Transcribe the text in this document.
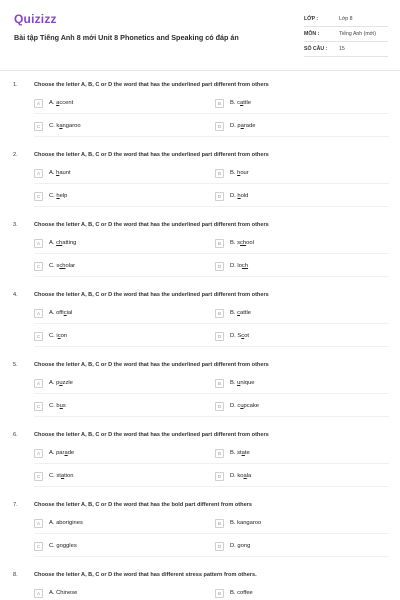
Quizizz
Bài tập Tiếng Anh 8 mới Unit 8 Phonetics and Speaking có đáp án
LỚP :	Lớp 8
MÔN :	Tiếng Anh (mới)
SỐ CÂU : 15
1.	Choose the letter A, B, C or D the word that has the underlined part different from others
A	A. accent	B	B. cattle
C	C. kangaroo	D	D. parade
2.	Choose the letter A, B, C or D the word that has the underlined part different from others
A	A. haunt	B	B. hour
C	C. help	D	D. hold
3.	Choose the letter A, B, C or D the word that has the underlined part different from others
A	A. chatting	B	B. school
C	C. scholar	D	D. loch
4.	Choose the letter A, B, C or D the word that has the underlined part different from others
A	A. official	B	B. cattle
C	C. icon	D	D. Scot
5.	Choose the letter A, B, C or D the word that has the underlined part different from others
A	A. puzzle	B	B. unique
C	C. bus	D	D. cupcake
6.	Choose the letter A, B, C or D the word that has the underlined part different from others
A	A. parade	B	B. state
C	C. station	D	D. koala
7.	Choose the letter A, B, C or D the word that has the bold part different from others
A	A. aborigines	B	B. kangaroo
C	C. goggles	D	D. gong
8.	Choose the letter A, B, C or D the word that has different stress pattern from others.
A	A. Chinese	B	B. coffee
